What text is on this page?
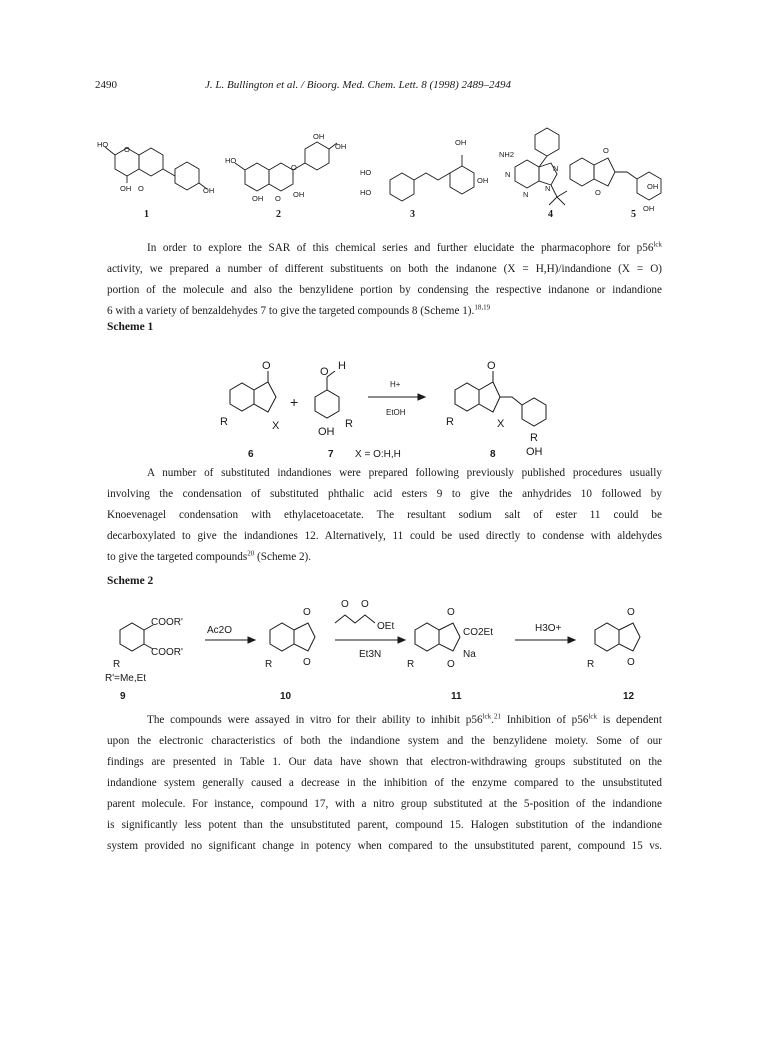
2490	J. L. Bullington et al. / Bioorg. Med. Chem. Lett. 8 (1998) 2489–2494
HO
O
OH O	OH
HO
O
OH
OH
OH
O
OH
HO
HO
OH
OH
NH2
N
N
N
N
O
O
OH
OH
1	2	3	4	5
In order to explore the SAR of this chemical series and further elucidate the pharmacophore for $p56^{lck}$
activity, we prepared a number of different substituents on both the indanone (X = H,H)/indandione (X = O)
portion of the molecule and also the benzylidene portion by condensing the respective indanone or indandione
6 with a variety of benzaldehydes 7 to give the targeted compounds 8 (Scheme 1).$^{18,19}$
Scheme 1
O
R	X
+
O H
OH
R
H+
EtOH
O
R	X
R
OH
6	7	8
X = O:H,H
A number of substituted indandiones were prepared following previously published procedures usually
involving the condensation of substituted phthalic acid esters 9 to give the anhydrides 10 followed by
Knoevenagel condensation with ethylacetoacetate. The resultant sodium salt of ester 11 could be
decarboxylated to give the indandiones 12. Alternatively, 11 could be used directly to condense with aldehydes
to give the targeted compounds$^{20}$ (Scheme 2).
Scheme 2
COOR'
COOR'
R
R'=Me,Et
Ac2O
O
O
R
O O
OEt
Et3N
O
CO2Et
Na
O
R
H3O+
O
O
R
9	10	11	12
The compounds were assayed in vitro for their ability to inhibit $p56^{lck}.^{21}$ Inhibition of $p56^{lck}$ is dependent
upon the electronic characteristics of both the indandione system and the benzylidene moiety. Some of our
findings are presented in Table 1. Our data have shown that electron-withdrawing groups substituted on the
indandione system generally caused a decrease in the inhibition of the enzyme compared to the unsubstituted
parent molecule. For instance, compound 17, with a nitro group substituted at the 5-position of the indandione
is significantly less potent than the unsubstituted parent, compound 15. Halogen substitution of the indandione
system provided no significant change in potency when compared to the unsubstituted parent, compound 15 vs.
